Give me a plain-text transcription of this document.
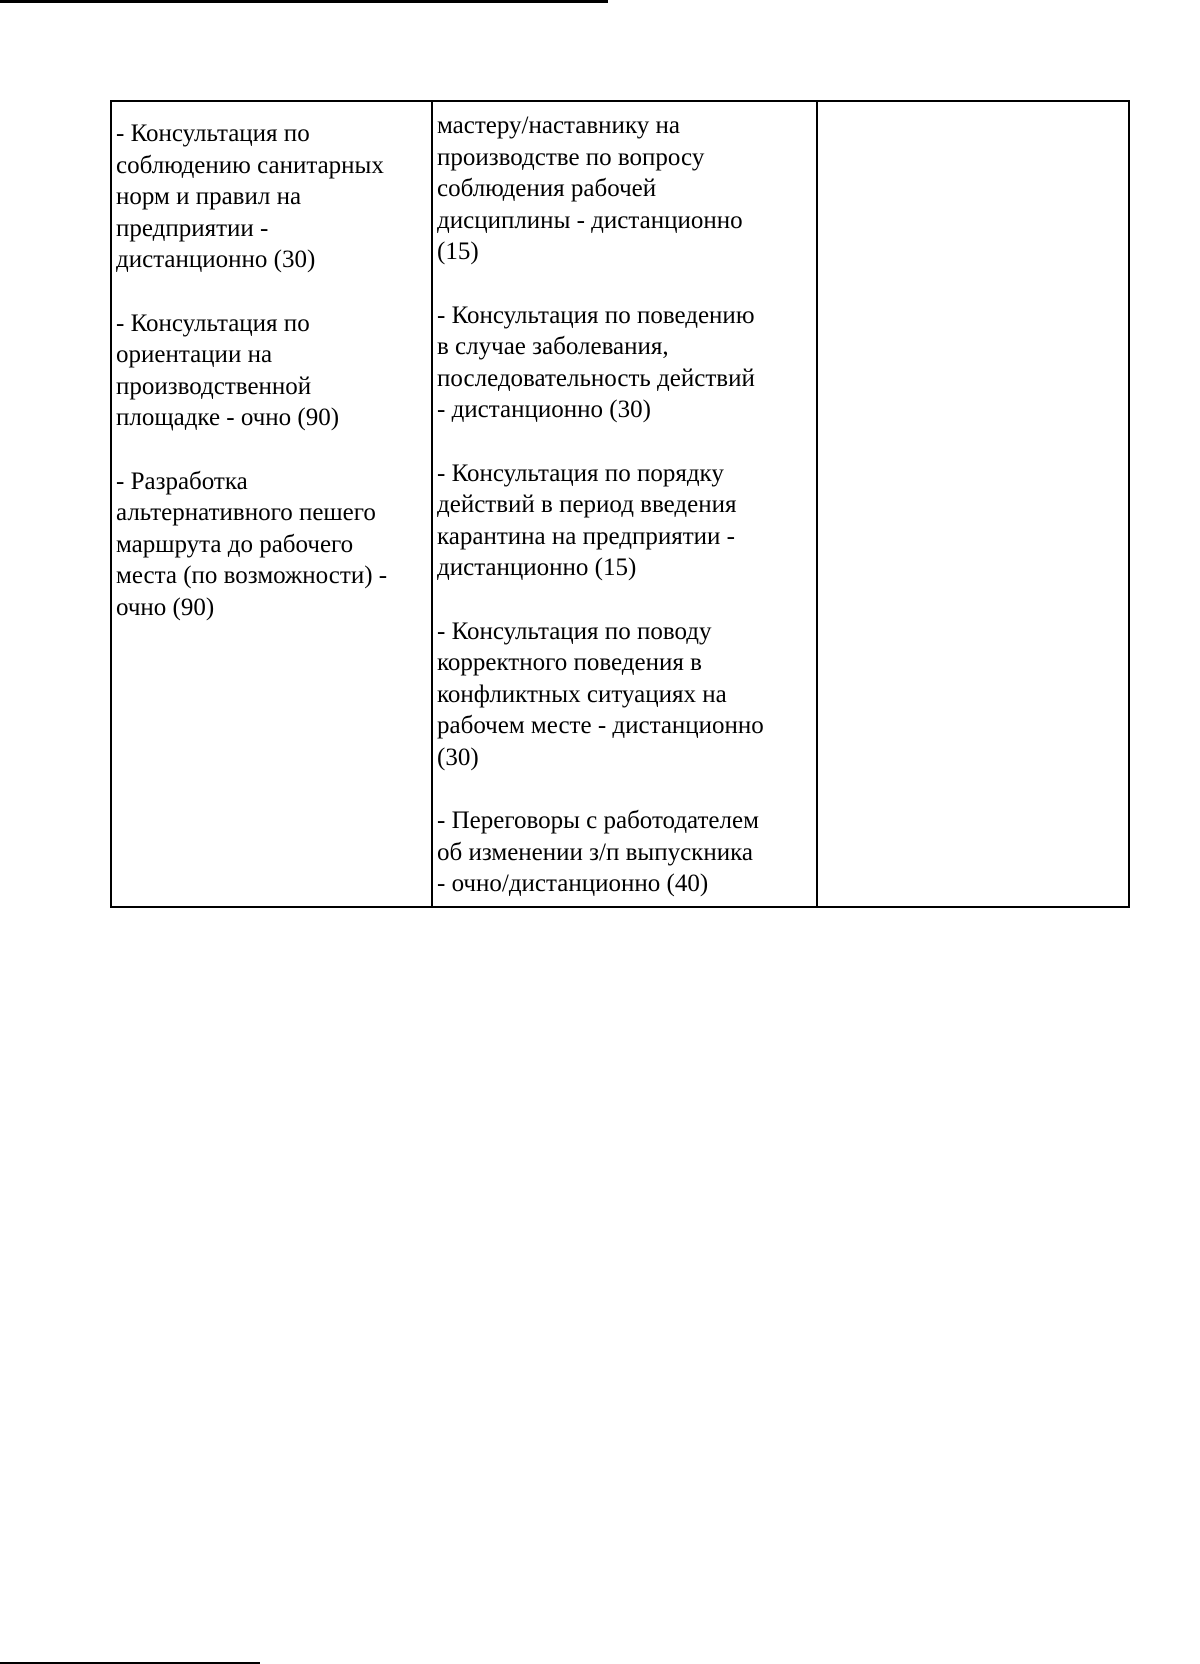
- Консультация по
соблюдению санитарных
норм и правил на
предприятии -
дистанционно (30)
- Консультация по
ориентации на
производственной
площадке - очно (90)
- Разработка
альтернативного пешего
маршрута до рабочего
места (по возможности) -
очно (90)

мастеру/наставнику на
производстве по вопросу
соблюдения рабочей
дисциплины - дистанционно
(15)
- Консультация по поведению
в случае заболевания,
последовательность действий
- дистанционно (30)
- Консультация по порядку
действий в период введения
карантина на предприятии -
дистанционно (15)
- Консультация по поводу
корректного поведения в
конфликтных ситуациях на
рабочем месте - дистанционно
(30)
- Переговоры с работодателем
об изменении з/п выпускника
- очно/дистанционно (40)
